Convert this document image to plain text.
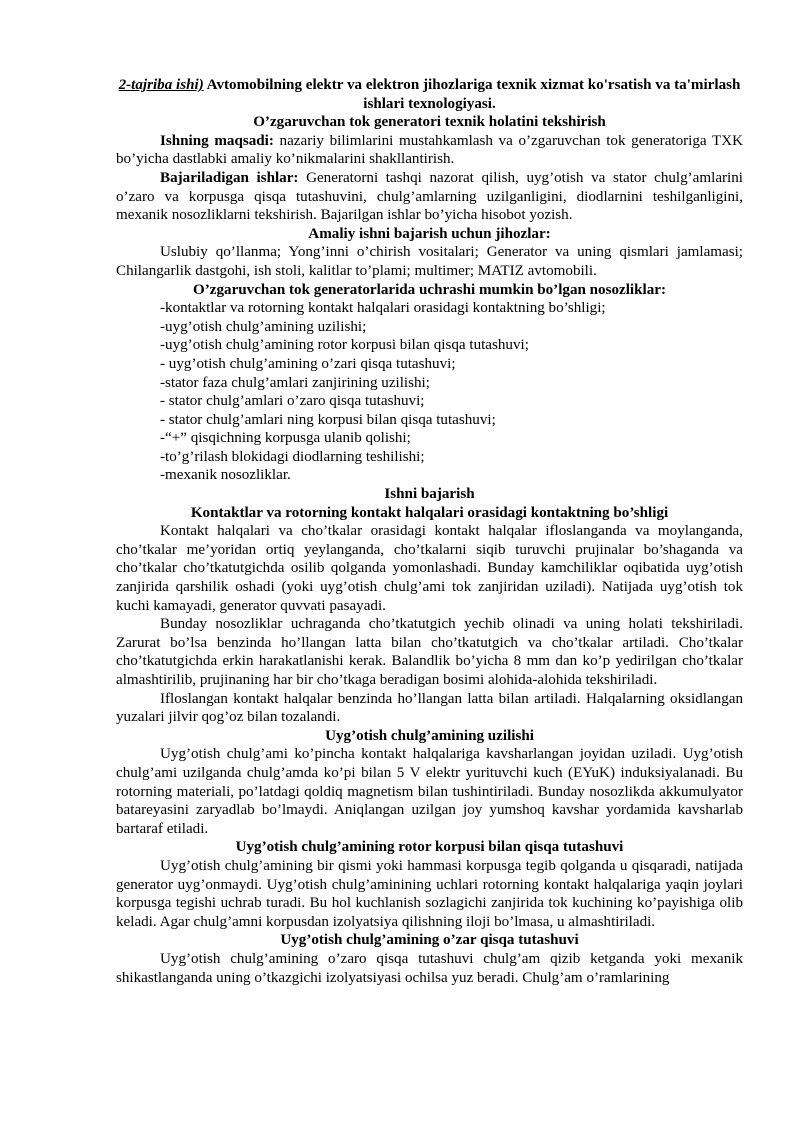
2-tajriba ishi) Avtomobilning elektr va elektron jihozlariga texnik xizmat ko'rsatish va ta'mirlash ishlari texnologiyasi.

O’zgaruvchan tok generatori texnik holatini tekshirish

Ishning maqsadi: nazariy bilimlarini mustahkamlash va o’zgaruvchan tok generatoriga TXK bo’yicha dastlabki amaliy ko’nikmalarini shakllantirish.

Bajariladigan ishlar: Generatorni tashqi nazorat qilish, uyg’otish va stator chulg’amlarini o’zaro va korpusga qisqa tutashuvini, chulg’amlarning uzilganligini, diodlarnini teshilganligini, mexanik nosozliklarni tekshirish. Bajarilgan ishlar bo’yicha hisobot yozish.

Amaliy ishni bajarish uchun jihozlar:

Uslubiy qo’llanma; Yong’inni o’chirish vositalari; Generator va uning qismlari jamlamasi; Chilangarlik dastgohi, ish stoli, kalitlar to’plami; multimer; MATIZ avtomobili.

O’zgaruvchan tok generatorlarida uchrashi mumkin bo’lgan nosozliklar:

-kontaktlar va rotorning kontakt halqalari orasidagi kontaktning bo’shligi;

-uyg’otish chulg’amining uzilishi;

-uyg’otish chulg’amining rotor korpusi bilan qisqa tutashuvi;

- uyg’otish chulg’amining o’zari qisqa tutashuvi;

-stator faza chulg’amlari zanjirining uzilishi;

- stator chulg’amlari o’zaro qisqa tutashuvi;

- stator chulg’amlari ning korpusi bilan qisqa tutashuvi;

-“+” qisqichning korpusga ulanib qolishi;

-to’g’rilash blokidagi diodlarning teshilishi;

-mexanik nosozliklar.

Ishni bajarish

Kontaktlar va rotorning kontakt halqalari orasidagi kontaktning bo’shligi

Kontakt halqalari va cho’tkalar orasidagi kontakt halqalar ifloslanganda va moylanganda, cho’tkalar me’yoridan ortiq yeylanganda, cho’tkalarni siqib turuvchi prujinalar bo’shaganda va cho’tkalar cho’tkatutgichda osilib qolganda yomonlashadi. Bunday kamchiliklar oqibatida uyg’otish zanjirida qarshilik oshadi (yoki uyg’otish chulg’ami tok zanjiridan uziladi). Natijada uyg’otish tok kuchi kamayadi, generator quvvati pasayadi.

Bunday nosozliklar uchraganda cho’tkatutgich yechib olinadi va uning holati tekshiriladi. Zarurat bo’lsa benzinda ho’llangan latta bilan cho’tkatutgich va cho’tkalar artiladi. Cho’tkalar cho’tkatutgichda erkin harakatlanishi kerak. Balandlik bo’yicha 8 mm dan ko’p yedirilgan cho’tkalar almashtirilib, prujinaning har bir cho’tkaga beradigan bosimi alohida-alohida tekshiriladi.

Ifloslangan kontakt halqalar benzinda ho’llangan latta bilan artiladi. Halqalarning oksidlangan yuzalari jilvir qog’oz bilan tozalandi.

Uyg’otish chulg’amining uzilishi

Uyg’otish chulg’ami ko’pincha kontakt halqalariga kavsharlangan joyidan uziladi. Uyg’otish chulg’ami uzilganda chulg’amda ko’pi bilan 5 V elektr yurituvchi kuch (EYuK) induksiyalanadi. Bu rotorning materiali, po’latdagi qoldiq magnetism bilan tushintiriladi. Bunday nosozlikda akkumulyator batareyasini zaryadlab bo’lmaydi. Aniqlangan uzilgan joy yumshoq kavshar yordamida kavsharlab bartaraf etiladi.

Uyg’otish chulg’amining rotor korpusi bilan qisqa tutashuvi

Uyg’otish chulg’amining bir qismi yoki hammasi korpusga tegib qolganda u qisqaradi, natijada generator uyg’onmaydi. Uyg’otish chulg’aminining uchlari rotorning kontakt halqalariga yaqin joylari korpusga tegishi uchrab turadi. Bu hol kuchlanish sozlagichi zanjirida tok kuchining ko’payishiga olib keladi. Agar chulg’amni korpusdan izolyatsiya qilishning iloji bo’lmasa, u almashtiriladi.

Uyg’otish chulg’amining o’zar qisqa tutashuvi

Uyg’otish chulg’amining o’zaro qisqa tutashuvi chulg’am qizib ketganda yoki mexanik shikastlanganda uning o’tkazgichi izolyatsiyasi ochilsa yuz beradi. Chulg’am o’ramlarining
